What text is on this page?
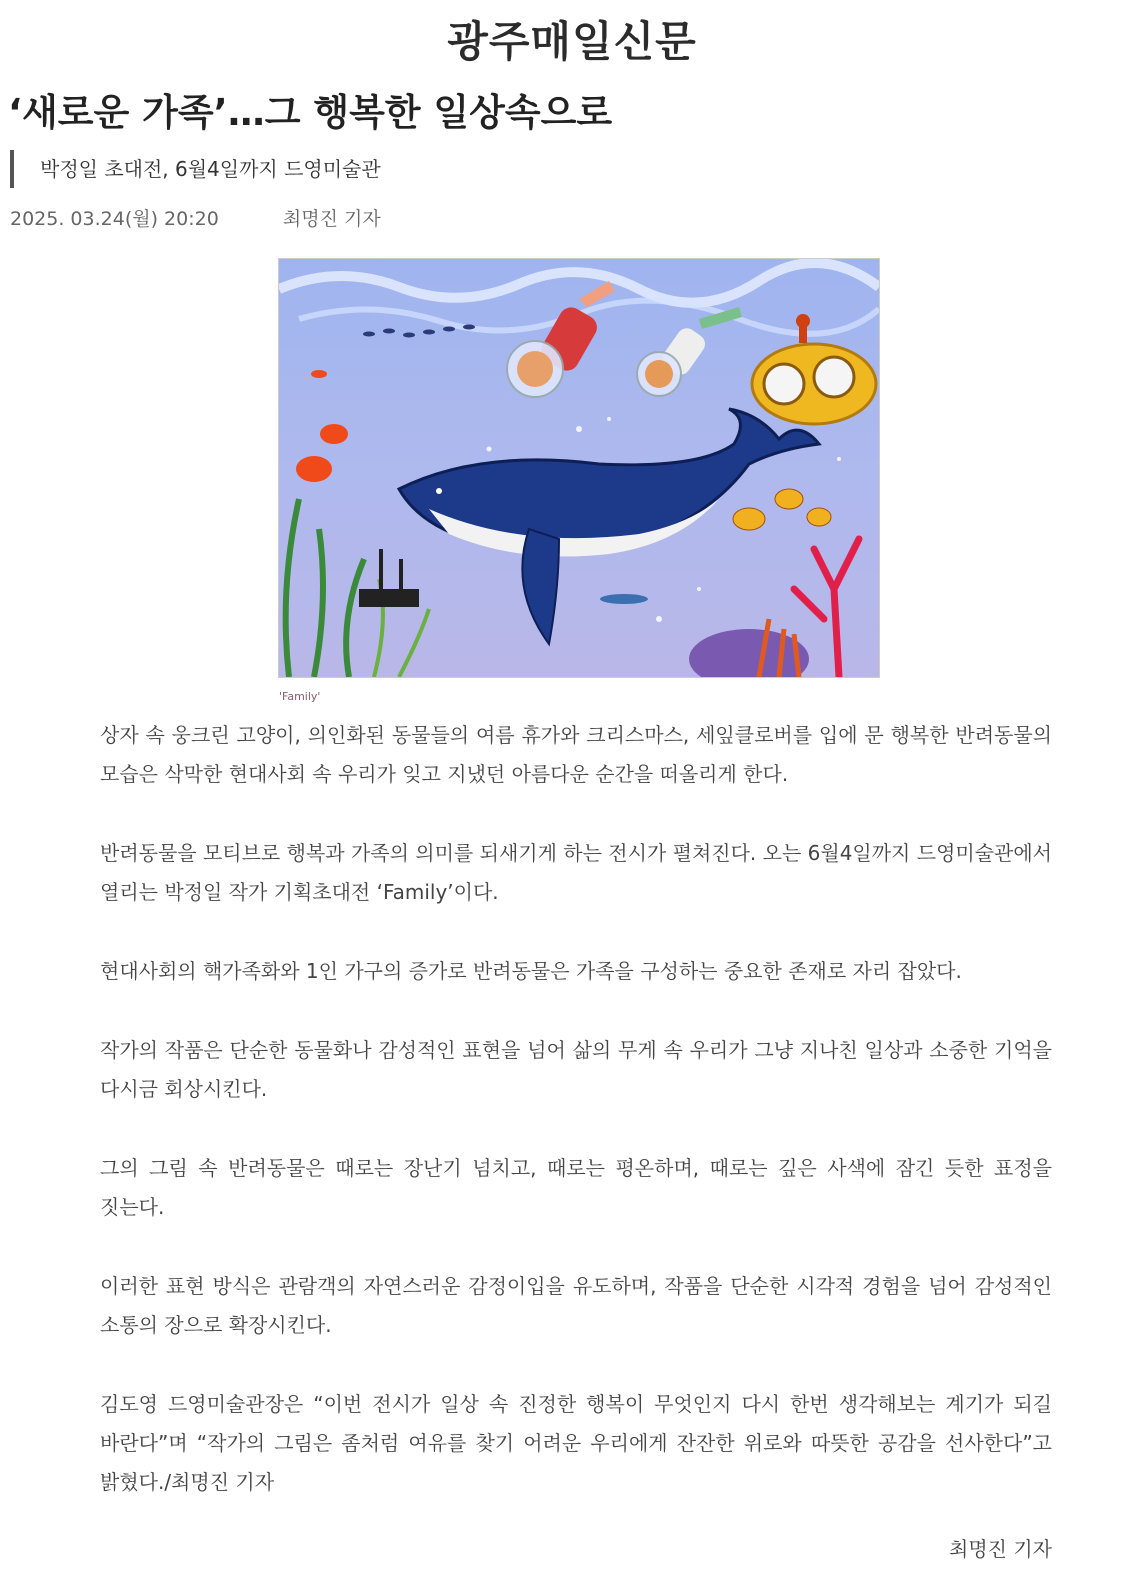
광주매일신문
‘새로운 가족’…그 행복한 일상속으로
박정일 초대전, 6월4일까지 드영미술관
2025. 03.24(월) 20:20	최명진 기자
'Family'

상자 속 웅크린 고양이, 의인화된 동물들의 여름 휴가와 크리스마스, 세잎클로버를 입에 문 행복한 반려동물의 모습은 삭막한 현대사회 속 우리가 잊고 지냈던 아름다운 순간을 떠올리게 한다.

반려동물을 모티브로 행복과 가족의 의미를 되새기게 하는 전시가 펼쳐진다. 오는 6월4일까지 드영미술관에서 열리는 박정일 작가 기획초대전 ‘Family’이다.

현대사회의 핵가족화와 1인 가구의 증가로 반려동물은 가족을 구성하는 중요한 존재로 자리 잡았다.

작가의 작품은 단순한 동물화나 감성적인 표현을 넘어 삶의 무게 속 우리가 그냥 지나친 일상과 소중한 기억을 다시금 회상시킨다.

그의 그림 속 반려동물은 때로는 장난기 넘치고, 때로는 평온하며, 때로는 깊은 사색에 잠긴 듯한 표정을 짓는다.

이러한 표현 방식은 관람객의 자연스러운 감정이입을 유도하며, 작품을 단순한 시각적 경험을 넘어 감성적인 소통의 장으로 확장시킨다.

김도영 드영미술관장은 “이번 전시가 일상 속 진정한 행복이 무엇인지 다시 한번 생각해보는 계기가 되길 바란다”며 “작가의 그림은 좀처럼 여유를 찾기 어려운 우리에게 잔잔한 위로와 따뜻한 공감을 선사한다”고 밝혔다./최명진 기자

최명진 기자
